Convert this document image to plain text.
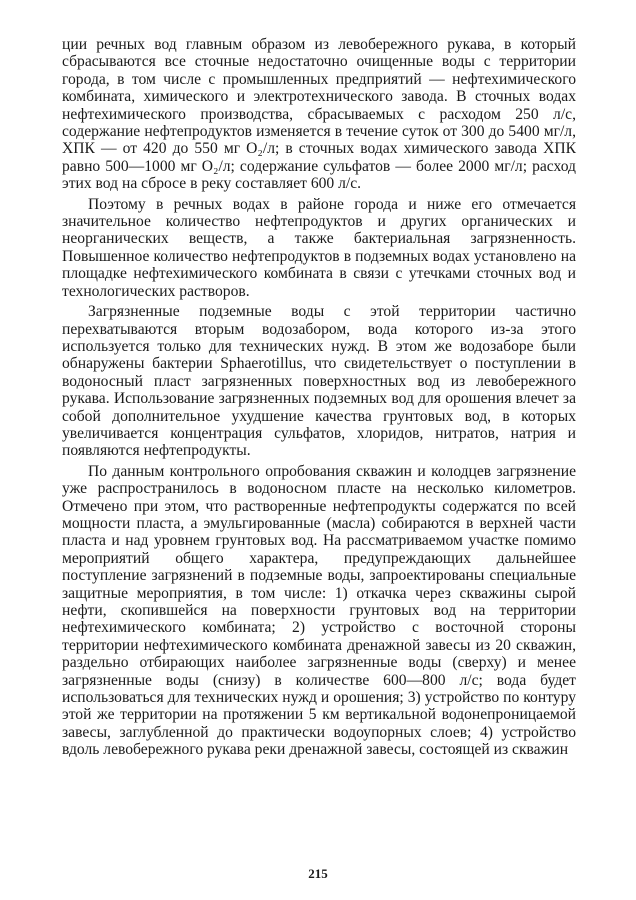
ции речных вод главным образом из левобережного рукава, в который сбрасываются все сточные недостаточно очищенные воды с территории города, в том числе с промышленных предприятий — нефтехимического комбината, химического и электротехнического завода. В сточных водах нефтехимического производства, сбрасываемых с расходом 250 л/с, содержание нефтепродуктов изменяется в течение суток от 300 до 5400 мг/л, ХПК — от 420 до 550 мг О₂/л; в сточных водах химического завода ХПК равно 500—1000 мг О₂/л; содержание сульфатов — более 2000 мг/л; расход этих вод на сбросе в реку составляет 600 л/с.

Поэтому в речных водах в районе города и ниже его отмечается значительное количество нефтепродуктов и других органических и неорганических веществ, а также бактериальная загрязненность. Повышенное количество нефтепродуктов в подземных водах установлено на площадке нефтехимического комбината в связи с утечками сточных вод и технологических растворов.

Загрязненные подземные воды с этой территории частично перехватываются вторым водозабором, вода которого из-за этого используется только для технических нужд. В этом же водозаборе были обнаружены бактерии Sphaerotillus, что свидетельствует о поступлении в водоносный пласт загрязненных поверхностных вод из левобережного рукава. Использование загрязненных подземных вод для орошения влечет за собой дополнительное ухудшение качества грунтовых вод, в которых увеличивается концентрация сульфатов, хлоридов, нитратов, натрия и появляются нефтепродукты.

По данным контрольного опробования скважин и колодцев загрязнение уже распространилось в водоносном пласте на несколько километров. Отмечено при этом, что растворенные нефтепродукты содержатся по всей мощности пласта, а эмульгированные (масла) собираются в верхней части пласта и над уровнем грунтовых вод. На рассматриваемом участке помимо мероприятий общего характера, предупреждающих дальнейшее поступление загрязнений в подземные воды, запроектированы специальные защитные мероприятия, в том числе: 1) откачка через скважины сырой нефти, скопившейся на поверхности грунтовых вод на территории нефтехимического комбината; 2) устройство с восточной стороны территории нефтехимического комбината дренажной завесы из 20 скважин, раздельно отбирающих наиболее загрязненные воды (сверху) и менее загрязненные воды (снизу) в количестве 600—800 л/с; вода будет использоваться для технических нужд и орошения; 3) устройство по контуру этой же территории на протяжении 5 км вертикальной водонепроницаемой завесы, заглубленной до практически водоупорных слоев; 4) устройство вдоль левобережного рукава реки дренажной завесы, состоящей из скважин

215
